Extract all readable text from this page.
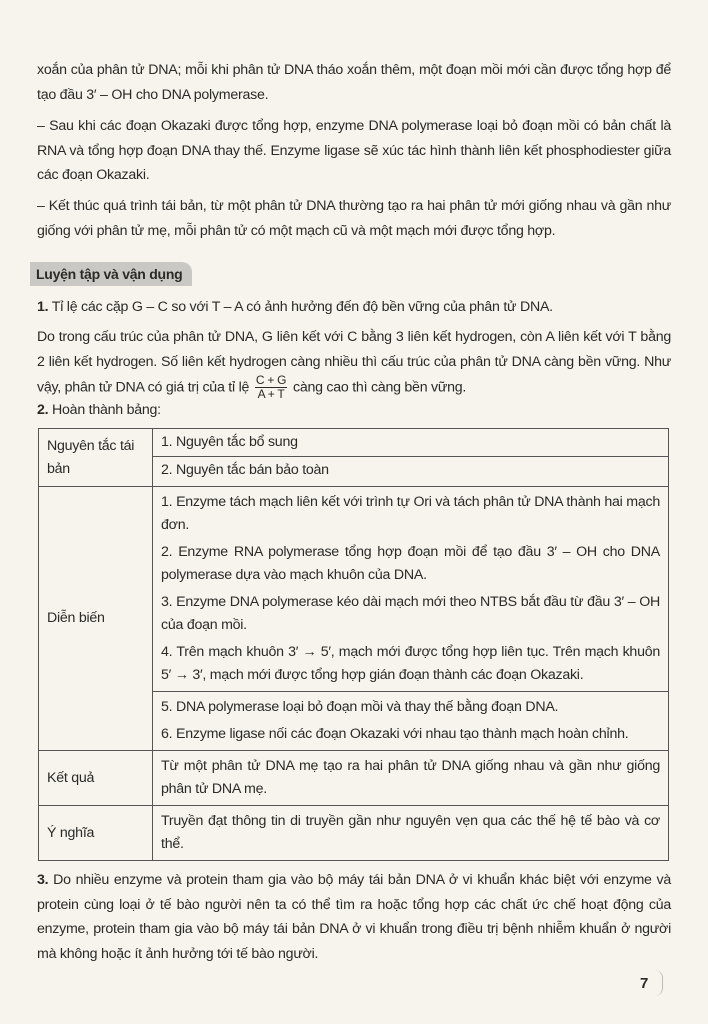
xoắn của phân tử DNA; mỗi khi phân tử DNA tháo xoắn thêm, một đoạn mồi mới cần được tổng hợp để tạo đầu 3′ – OH cho DNA polymerase.

– Sau khi các đoạn Okazaki được tổng hợp, enzyme DNA polymerase loại bỏ đoạn mồi có bản chất là RNA và tổng hợp đoạn DNA thay thế. Enzyme ligase sẽ xúc tác hình thành liên kết phosphodiester giữa các đoạn Okazaki.

– Kết thúc quá trình tái bản, từ một phân tử DNA thường tạo ra hai phân tử mới giống nhau và gần như giống với phân tử mẹ, mỗi phân tử có một mạch cũ và một mạch mới được tổng hợp.

Luyện tập và vận dụng

1. Tỉ lệ các cặp G – C so với T – A có ảnh hưởng đến độ bền vững của phân tử DNA.

Do trong cấu trúc của phân tử DNA, G liên kết với C bằng 3 liên kết hydrogen, còn A liên kết với T bằng 2 liên kết hydrogen. Số liên kết hydrogen càng nhiều thì cấu trúc của phân tử DNA càng bền vững. Như vậy, phân tử DNA có giá trị của tỉ lệ $\frac{C + G}{A + T}$ càng cao thì càng bền vững.

2. Hoàn thành bảng:

Nguyên tắc tái bản	1. Nguyên tắc bổ sung
2. Nguyên tắc bán bảo toàn

Diễn biến	1. Enzyme tách mạch liên kết với trình tự Ori và tách phân tử DNA thành hai mạch đơn.
2. Enzyme RNA polymerase tổng hợp đoạn mồi để tạo đầu 3′ – OH cho DNA polymerase dựa vào mạch khuôn của DNA.
3. Enzyme DNA polymerase kéo dài mạch mới theo NTBS bắt đầu từ đầu 3′ – OH của đoạn mồi.
4. Trên mạch khuôn 3′ → 5′, mạch mới được tổng hợp liên tục. Trên mạch khuôn 5′ → 3′, mạch mới được tổng hợp gián đoạn thành các đoạn Okazaki.

	5. DNA polymerase loại bỏ đoạn mồi và thay thế bằng đoạn DNA.
6. Enzyme ligase nối các đoạn Okazaki với nhau tạo thành mạch hoàn chỉnh.

Kết quả	Từ một phân tử DNA mẹ tạo ra hai phân tử DNA giống nhau và gần như giống phân tử DNA mẹ.
Ý nghĩa	Truyền đạt thông tin di truyền gần như nguyên vẹn qua các thế hệ tế bào và cơ thể.

3. Do nhiều enzyme và protein tham gia vào bộ máy tái bản DNA ở vi khuẩn khác biệt với enzyme và protein cùng loại ở tế bào người nên ta có thể tìm ra hoặc tổng hợp các chất ức chế hoạt động của enzyme, protein tham gia vào bộ máy tái bản DNA ở vi khuẩn trong điều trị bệnh nhiễm khuẩn ở người mà không hoặc ít ảnh hưởng tới tế bào người.

7
